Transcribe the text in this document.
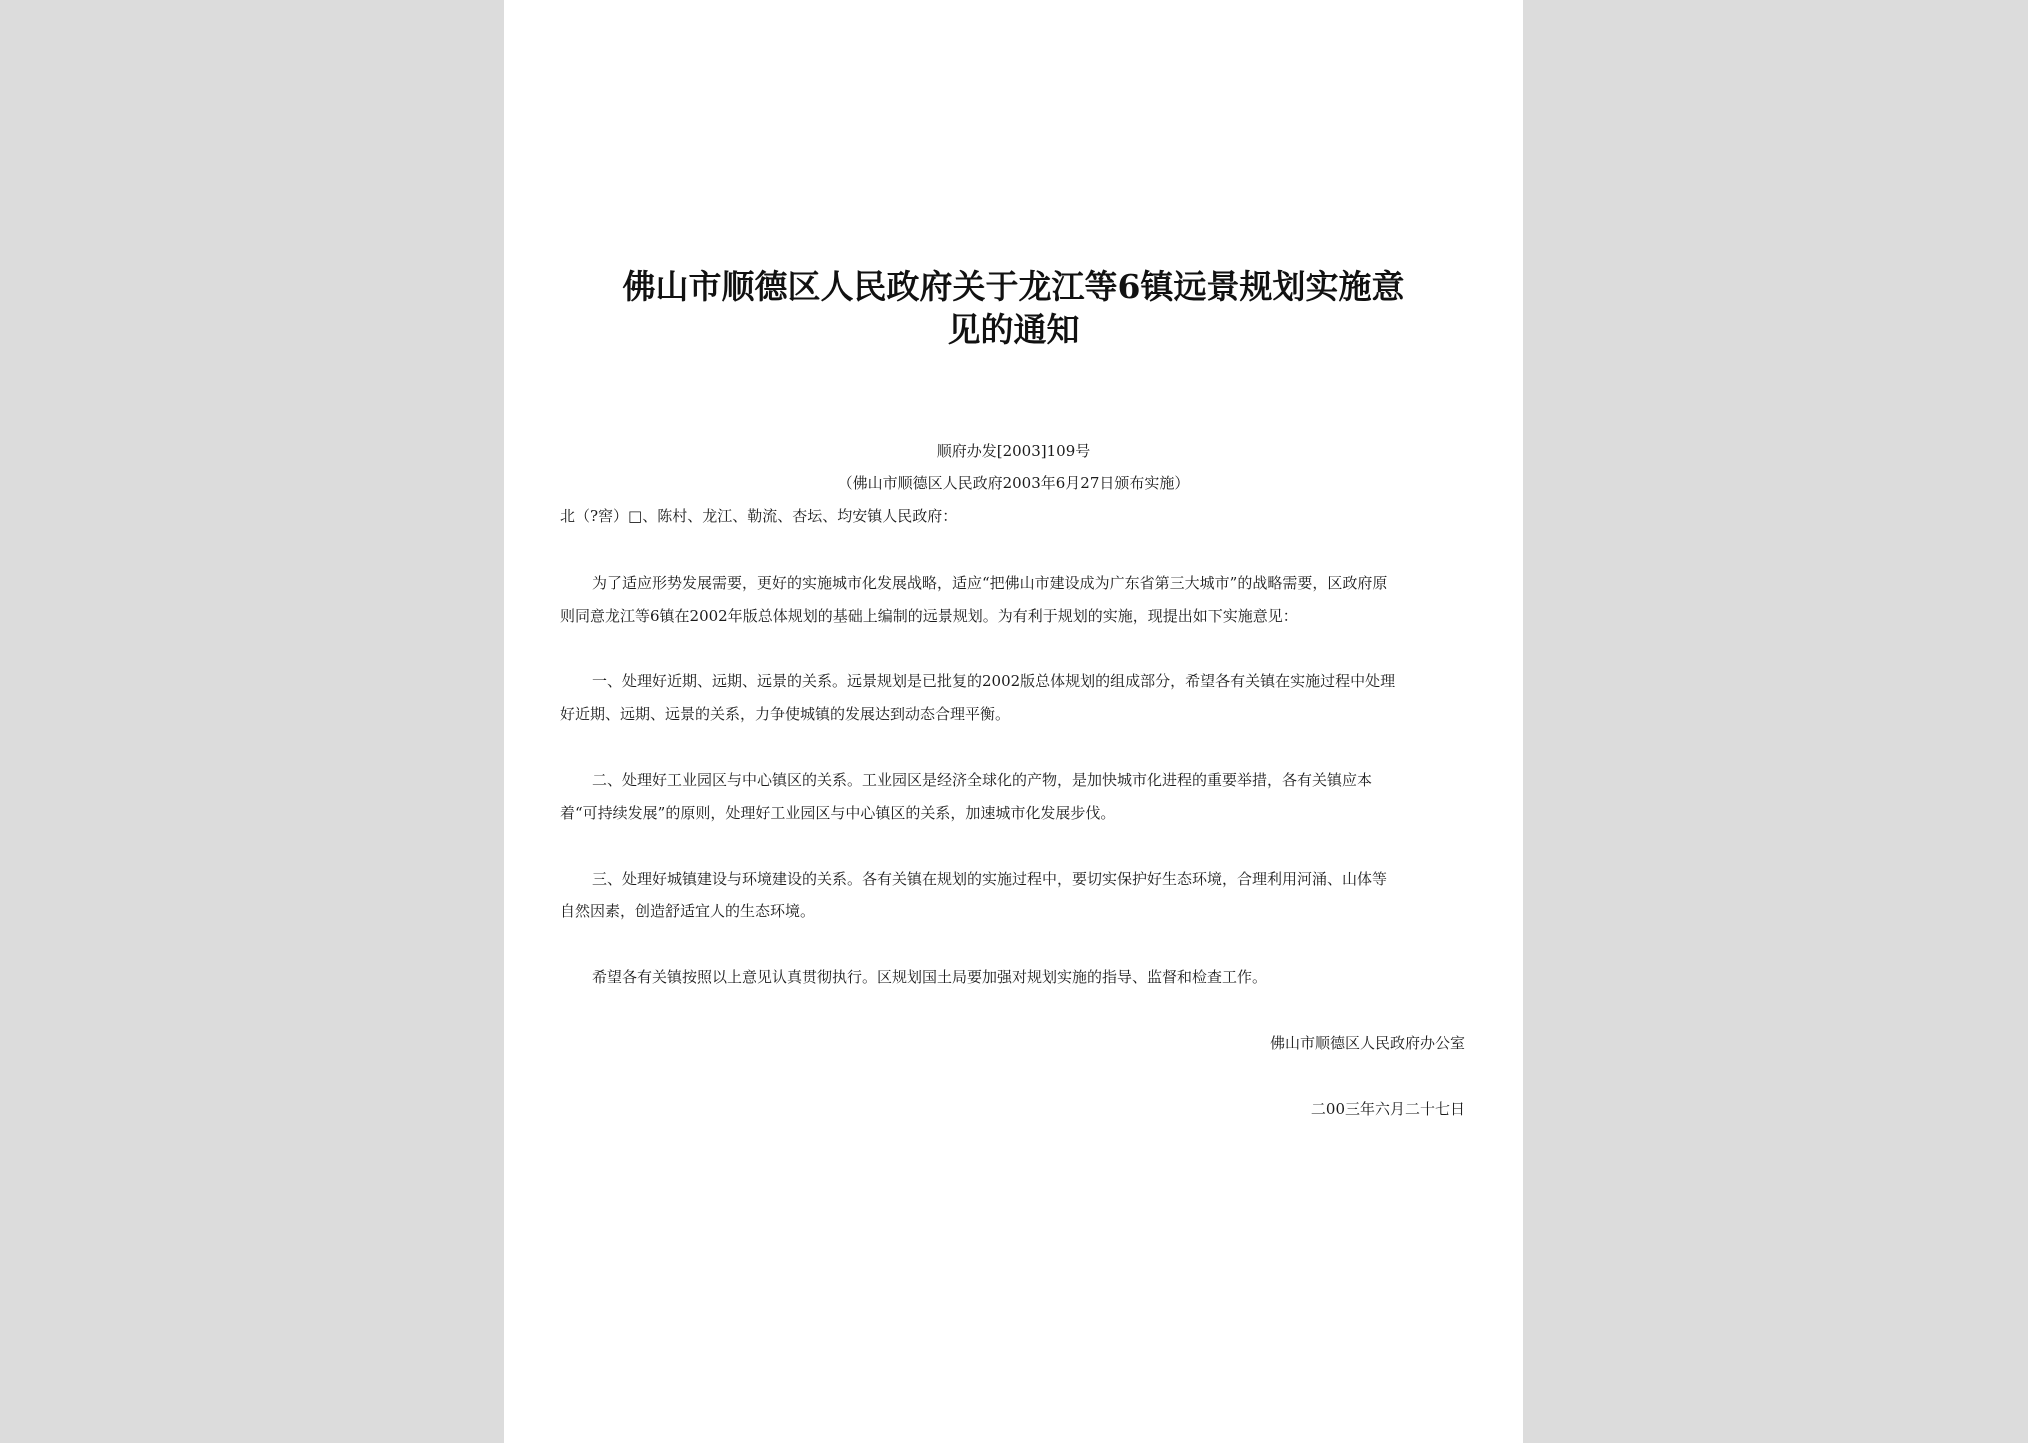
佛山市顺德区人民政府关于龙江等6镇远景规划实施意
见的通知
顺府办发[2003]109号
（佛山市顺德区人民政府2003年6月27日颁布实施）
北（?窖）□、陈村、龙江、勒流、杏坛、均安镇人民政府：
为了适应形势发展需要，更好的实施城市化发展战略，适应“把佛山市建设成为广东省第三大城市”的战略需要，区政府原
则同意龙江等6镇在2002年版总体规划的基础上编制的远景规划。为有利于规划的实施，现提出如下实施意见：
一、处理好近期、远期、远景的关系。远景规划是已批复的2002版总体规划的组成部分，希望各有关镇在实施过程中处理
好近期、远期、远景的关系，力争使城镇的发展达到动态合理平衡。
二、处理好工业园区与中心镇区的关系。工业园区是经济全球化的产物，是加快城市化进程的重要举措，各有关镇应本
着“可持续发展”的原则，处理好工业园区与中心镇区的关系，加速城市化发展步伐。
三、处理好城镇建设与环境建设的关系。各有关镇在规划的实施过程中，要切实保护好生态环境，合理利用河涌、山体等
自然因素，创造舒适宜人的生态环境。
希望各有关镇按照以上意见认真贯彻执行。区规划国土局要加强对规划实施的指导、监督和检查工作。
佛山市顺德区人民政府办公室
二00三年六月二十七日
